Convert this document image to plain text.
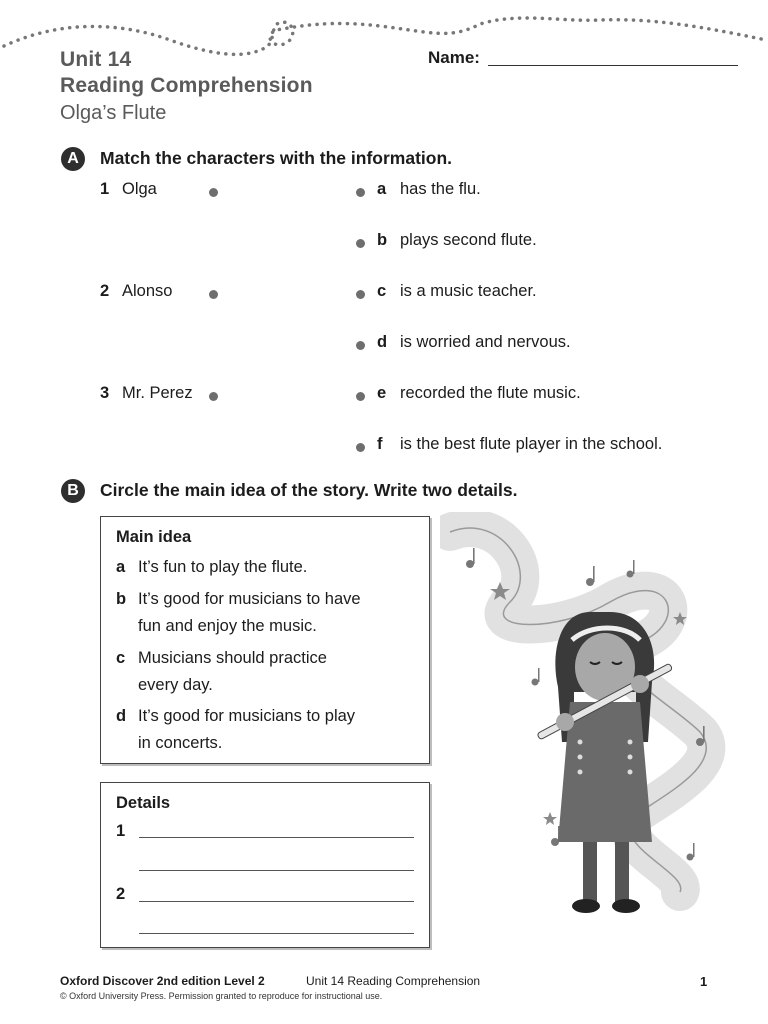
Unit 14
Reading Comprehension
Olga’s Flute
Name:
A	Match the characters with the information.
1 Olga
2 Alonso
3 Mr. Perez
a has the flu.
b plays second flute.
c is a music teacher.
d is worried and nervous.
e recorded the flute music.
f is the best flute player in the school.
B	Circle the main idea of the story. Write two details.
Main idea
a It’s fun to play the flute.
b It’s good for musicians to have
fun and enjoy the music.
c Musicians should practice
every day.
d It’s good for musicians to play
in concerts.
Details
1
2
Oxford Discover 2nd edition Level 2	Unit 14 Reading Comprehension	1
© Oxford University Press. Permission granted to reproduce for instructional use.
